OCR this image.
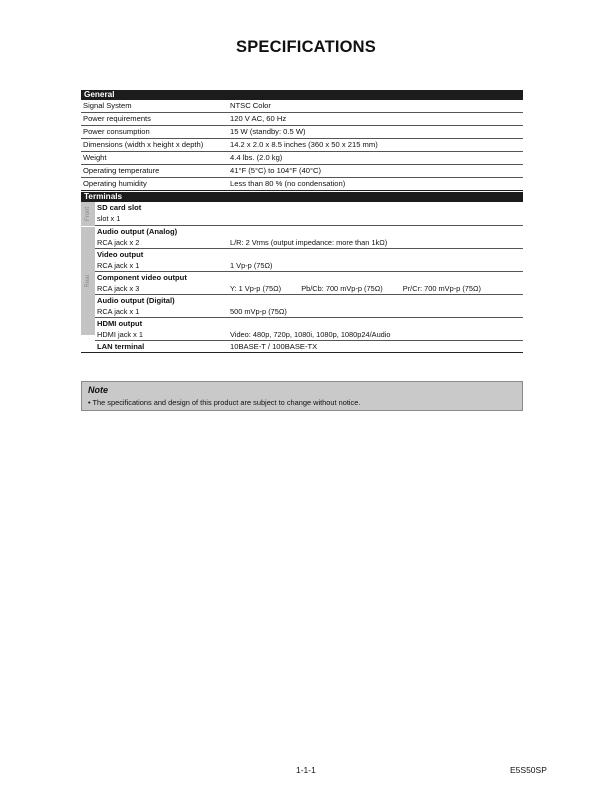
SPECIFICATIONS
General
Signal System	NTSC Color
Power requirements	120 V AC, 60 Hz
Power consumption	15 W (standby: 0.5 W)
Dimensions (width x height x depth)	14.2 x 2.0 x 8.5 inches (360 x 50 x 215 mm)
Weight	4.4 lbs. (2.0 kg)
Operating temperature	41°F (5°C) to 104°F (40°C)
Operating humidity	Less than 80 % (no condensation)
Terminals
Front
Rear
SD card slot
slot x 1
Audio output (Analog)
RCA jack x 2	L/R: 2 Vrms (output impedance: more than 1kΩ)
Video output
RCA jack x 1	1 Vp-p (75Ω)
Component video output
RCA jack x 3	Y: 1 Vp-p (75Ω)	Pb/Cb: 700 mVp-p (75Ω)	Pr/Cr: 700 mVp-p (75Ω)
Audio output (Digital)
RCA jack x 1	500 mVp-p (75Ω)
HDMI output
HDMI jack x 1	Video: 480p, 720p, 1080i, 1080p, 1080p24/Audio
LAN terminal	10BASE-T / 100BASE-TX
Note
• The specifications and design of this product are subject to change without notice.
1-1-1	E5S50SP
